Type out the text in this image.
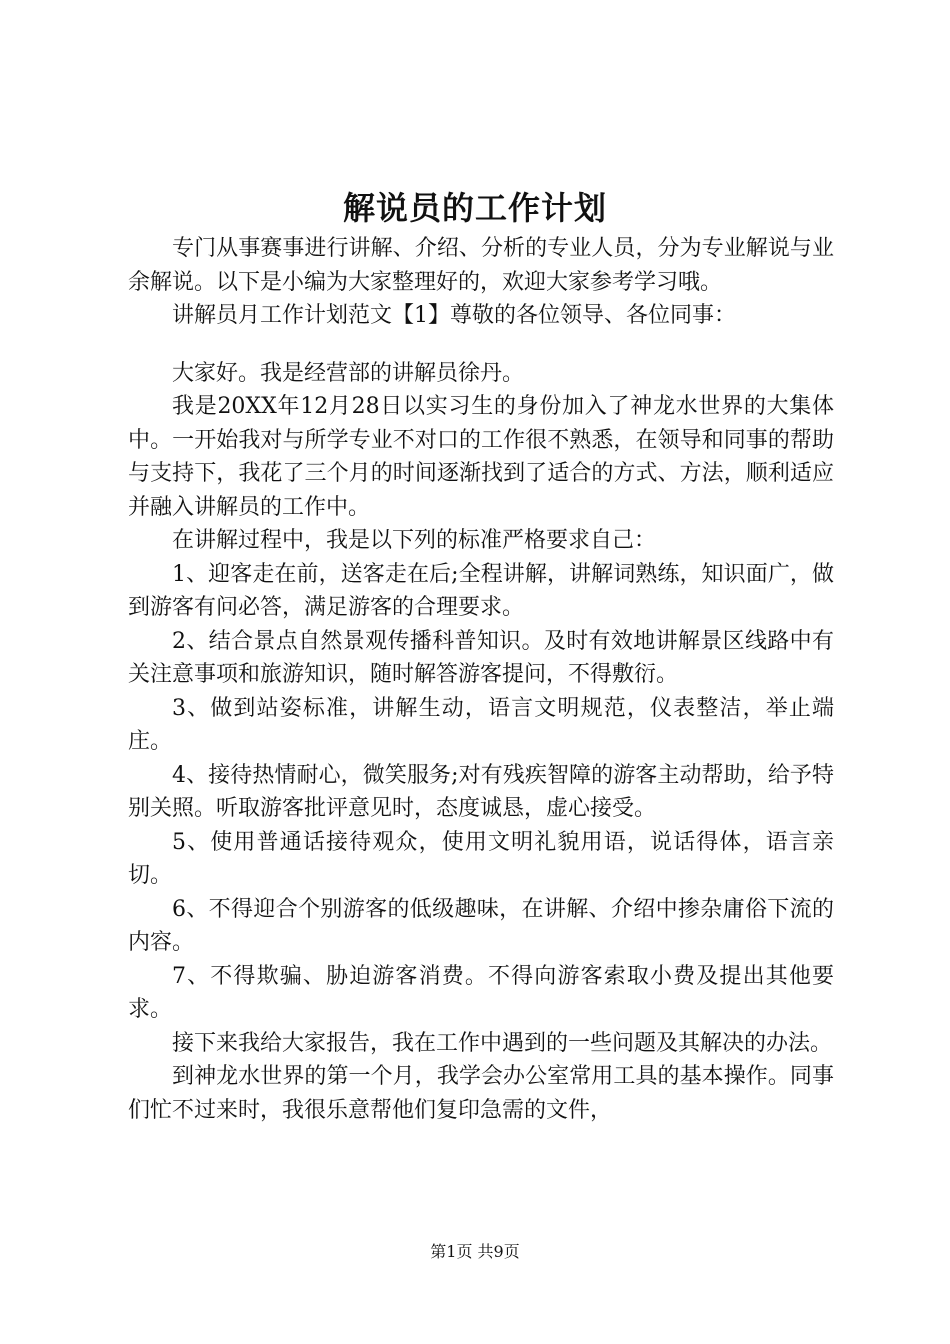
解说员的工作计划

专门从事赛事进行讲解、介绍、分析的专业人员，分为专业解说与业余解说。以下是小编为大家整理好的，欢迎大家参考学习哦。

讲解员月工作计划范文【1】尊敬的各位领导、各位同事：

大家好。我是经营部的讲解员徐丹。

我是20XX年12月28日以实习生的身份加入了神龙水世界的大集体中。一开始我对与所学专业不对口的工作很不熟悉，在领导和同事的帮助与支持下，我花了三个月的时间逐渐找到了适合的方式、方法，顺利适应并融入讲解员的工作中。

在讲解过程中，我是以下列的标准严格要求自己：

1、迎客走在前，送客走在后;全程讲解，讲解词熟练，知识面广，做到游客有问必答，满足游客的合理要求。

2、结合景点自然景观传播科普知识。及时有效地讲解景区线路中有关注意事项和旅游知识，随时解答游客提问，不得敷衍。

3、做到站姿标准，讲解生动，语言文明规范，仪表整洁，举止端庄。

4、接待热情耐心，微笑服务;对有残疾智障的游客主动帮助，给予特别关照。听取游客批评意见时，态度诚恳，虚心接受。

5、使用普通话接待观众，使用文明礼貌用语，说话得体，语言亲切。

6、不得迎合个别游客的低级趣味，在讲解、介绍中掺杂庸俗下流的内容。

7、不得欺骗、胁迫游客消费。不得向游客索取小费及提出其他要求。

接下来我给大家报告，我在工作中遇到的一些问题及其解决的办法。

到神龙水世界的第一个月，我学会办公室常用工具的基本操作。同事们忙不过来时，我很乐意帮他们复印急需的文件，

第1页 共9页
